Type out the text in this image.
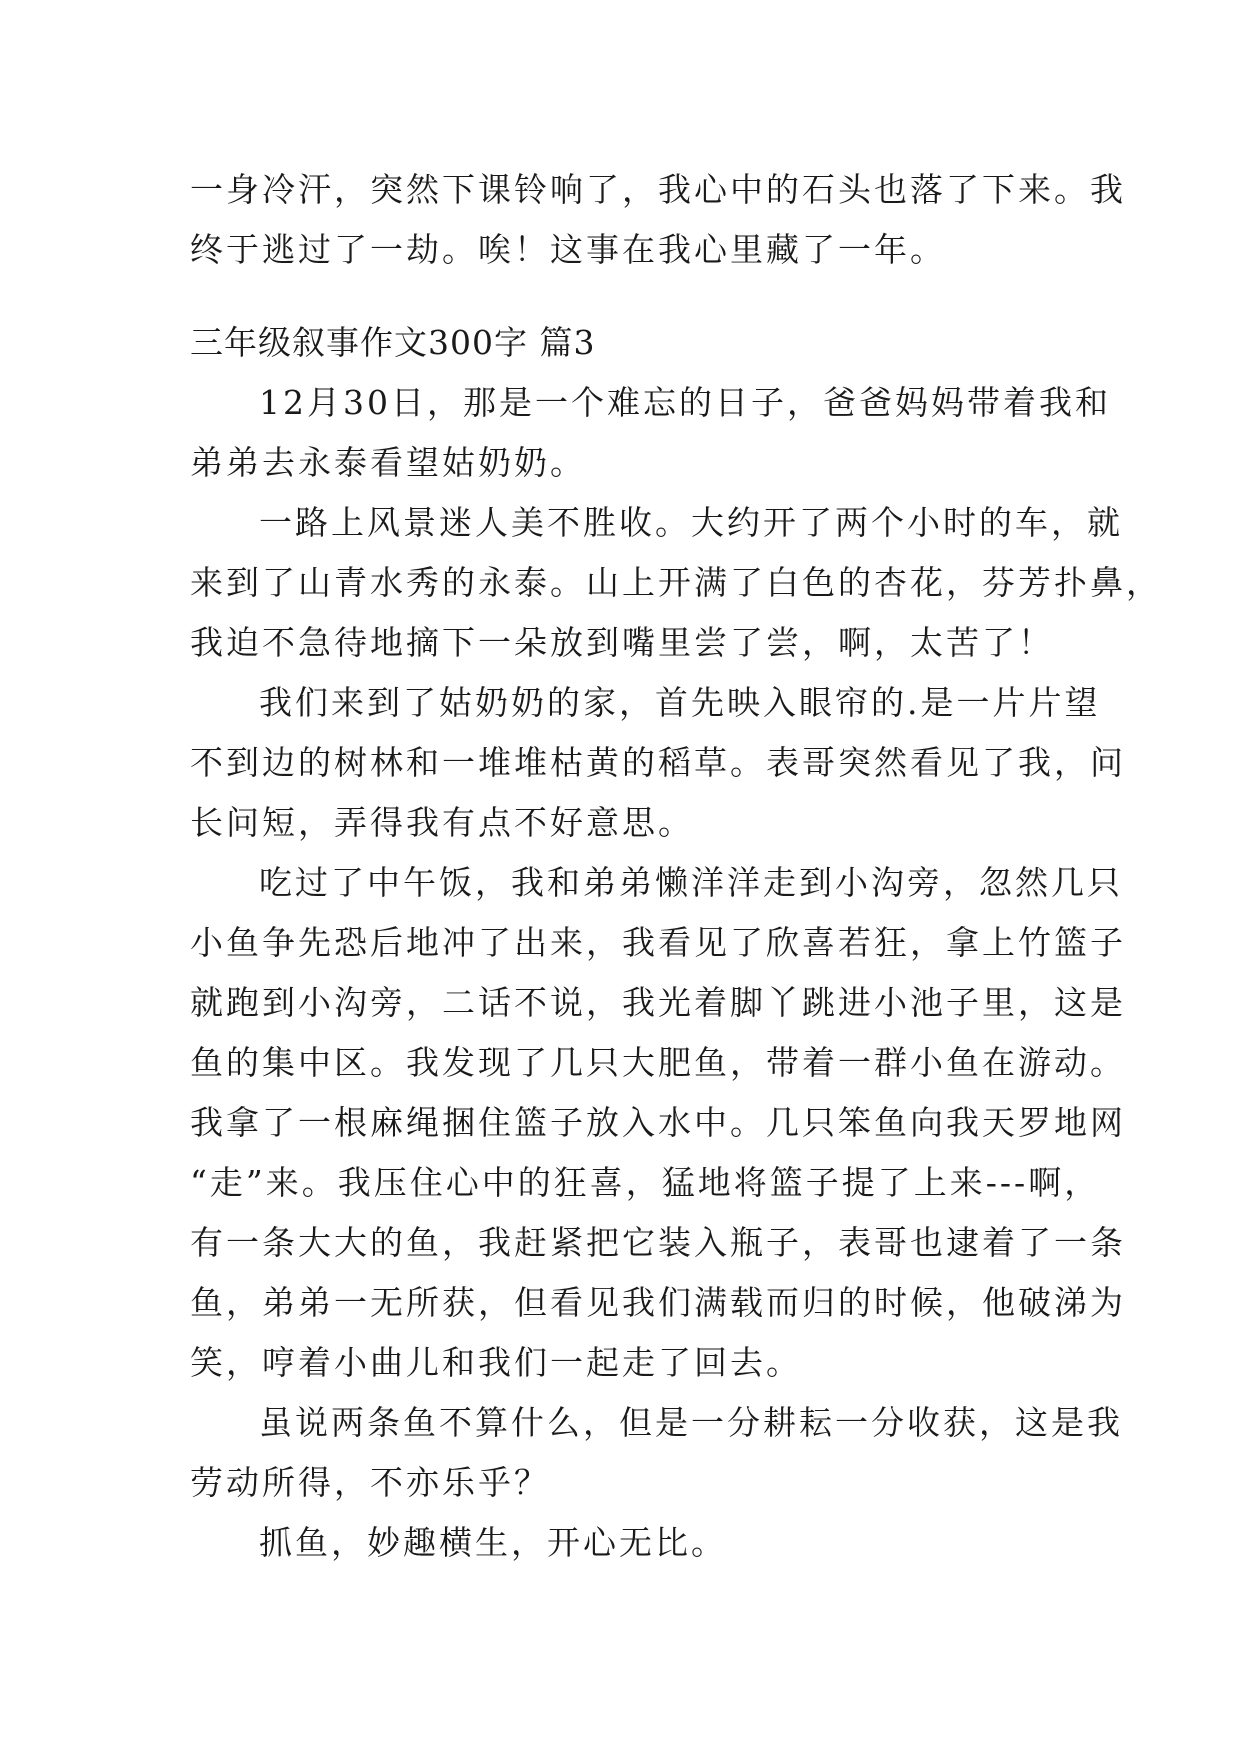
一身冷汗，突然下课铃响了，我心中的石头也落了下来。我
终于逃过了一劫。唉！这事在我心里藏了一年。
三年级叙事作文300字 篇3
12月30日，那是一个难忘的日子，爸爸妈妈带着我和
弟弟去永泰看望姑奶奶。
一路上风景迷人美不胜收。大约开了两个小时的车，就
来到了山青水秀的永泰。山上开满了白色的杏花，芬芳扑鼻，
我迫不急待地摘下一朵放到嘴里尝了尝，啊，太苦了！
我们来到了姑奶奶的家，首先映入眼帘的.是一片片望
不到边的树林和一堆堆枯黄的稻草。表哥突然看见了我，问
长问短，弄得我有点不好意思。
吃过了中午饭，我和弟弟懒洋洋走到小沟旁，忽然几只
小鱼争先恐后地冲了出来，我看见了欣喜若狂，拿上竹篮子
就跑到小沟旁，二话不说，我光着脚丫跳进小池子里，这是
鱼的集中区。我发现了几只大肥鱼，带着一群小鱼在游动。
我拿了一根麻绳捆住篮子放入水中。几只笨鱼向我天罗地网
“走”来。我压住心中的狂喜，猛地将篮子提了上来---啊，
有一条大大的鱼，我赶紧把它装入瓶子，表哥也逮着了一条
鱼，弟弟一无所获，但看见我们满载而归的时候，他破涕为
笑，哼着小曲儿和我们一起走了回去。
虽说两条鱼不算什么，但是一分耕耘一分收获，这是我
劳动所得，不亦乐乎？
抓鱼，妙趣横生，开心无比。
